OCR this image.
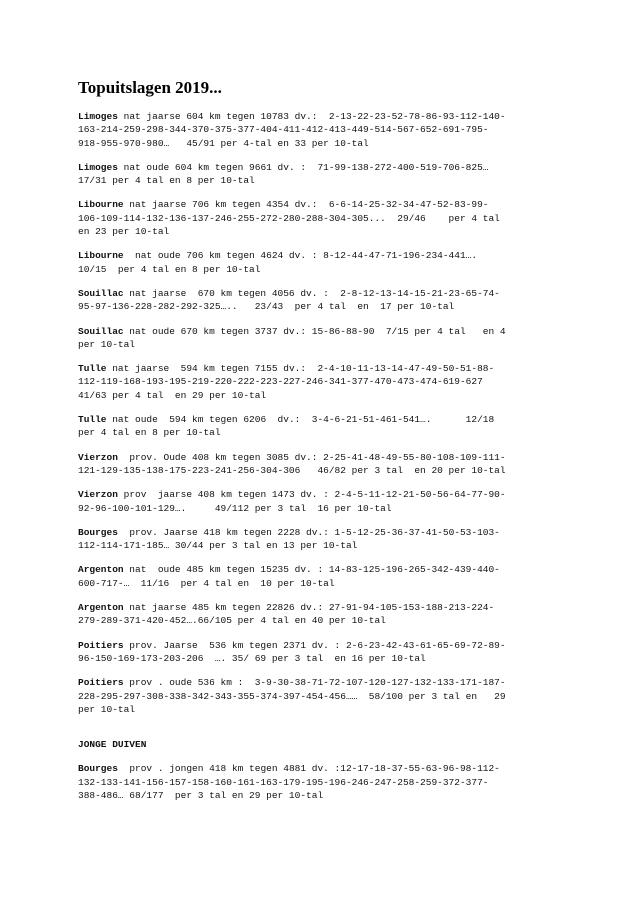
Topuitslagen 2019...

Limoges nat jaarse 604 km tegen 10783 dv.:  2-13-22-23-52-78-86-93-112-140-
163-214-259-298-344-370-375-377-404-411-412-413-449-514-567-652-691-795-
918-955-970-980…   45/91 per 4-tal en 33 per 10-tal

Limoges nat oude 604 km tegen 9661 dv. :  71-99-138-272-400-519-706-825…
17/31 per 4 tal en 8 per 10-tal

Libourne nat jaarse 706 km tegen 4354 dv.:  6-6-14-25-32-34-47-52-83-99-
106-109-114-132-136-137-246-255-272-280-288-304-305...  29/46    per 4 tal
en 23 per 10-tal

Libourne  nat oude 706 km tegen 4624 dv. : 8-12-44-47-71-196-234-441….
10/15  per 4 tal en 8 per 10-tal

Souillac nat jaarse  670 km tegen 4056 dv. :  2-8-12-13-14-15-21-23-65-74-
95-97-136-228-282-292-325…..   23/43  per 4 tal  en  17 per 10-tal

Souillac nat oude 670 km tegen 3737 dv.: 15-86-88-90  7/15 per 4 tal   en 4
per 10-tal

Tulle nat jaarse  594 km tegen 7155 dv.:  2-4-10-11-13-14-47-49-50-51-88-
112-119-168-193-195-219-220-222-223-227-246-341-377-470-473-474-619-627
41/63 per 4 tal  en 29 per 10-tal

Tulle nat oude  594 km tegen 6206  dv.:  3-4-6-21-51-461-541….      12/18
per 4 tal en 8 per 10-tal

Vierzon  prov. Oude 408 km tegen 3085 dv.: 2-25-41-48-49-55-80-108-109-111-
121-129-135-138-175-223-241-256-304-306   46/82 per 3 tal  en 20 per 10-tal

Vierzon prov  jaarse 408 km tegen 1473 dv. : 2-4-5-11-12-21-50-56-64-77-90-
92-96-100-101-129….     49/112 per 3 tal  16 per 10-tal

Bourges  prov. Jaarse 418 km tegen 2228 dv.: 1-5-12-25-36-37-41-50-53-103-
112-114-171-185… 30/44 per 3 tal en 13 per 10-tal

Argenton nat  oude 485 km tegen 15235 dv. : 14-83-125-196-265-342-439-440-
600-717-…  11/16  per 4 tal en  10 per 10-tal

Argenton nat jaarse 485 km tegen 22826 dv.: 27-91-94-105-153-188-213-224-
279-289-371-420-452….66/105 per 4 tal en 40 per 10-tal

Poitiers prov. Jaarse  536 km tegen 2371 dv. : 2-6-23-42-43-61-65-69-72-89-
96-150-169-173-203-206  …. 35/ 69 per 3 tal  en 16 per 10-tal

Poitiers prov . oude 536 km :  3-9-30-38-71-72-107-120-127-132-133-171-187-
228-295-297-308-338-342-343-355-374-397-454-456……  58/100 per 3 tal en   29
per 10-tal

JONGE DUIVEN

Bourges  prov . jongen 418 km tegen 4881 dv. :12-17-18-37-55-63-96-98-112-
132-133-141-156-157-158-160-161-163-179-195-196-246-247-258-259-372-377-
388-486… 68/177  per 3 tal en 29 per 10-tal
